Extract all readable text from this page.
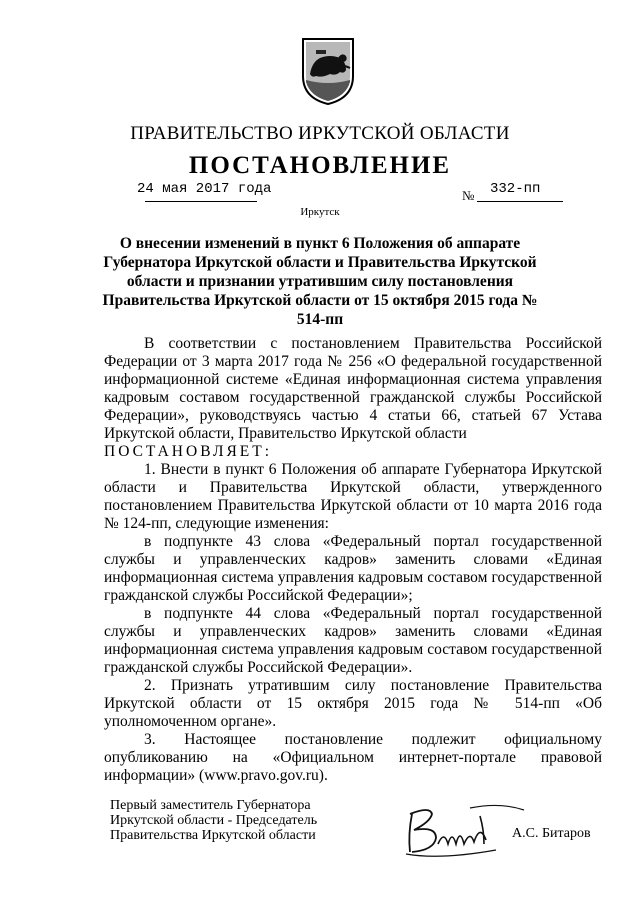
ПРАВИТЕЛЬСТВО ИРКУТСКОЙ ОБЛАСТИ
ПОСТАНОВЛЕНИЕ
24 мая 2017 года	№ 332-пп
Иркутск
О внесении изменений в пункт 6 Положения об аппарате Губернатора Иркутской области и Правительства Иркутской области и признании утратившим силу постановления Правительства Иркутской области от 15 октября 2015 года № 514-пп

В соответствии с постановлением Правительства Российской Федерации от 3 марта 2017 года № 256 «О федеральной государственной информационной системе «Единая информационная система управления кадровым составом государственной гражданской службы Российской Федерации», руководствуясь частью 4 статьи 66, статьей 67 Устава Иркутской области, Правительство Иркутской области

ПОСТАНОВЛЯЕТ:

1. Внести в пункт 6 Положения об аппарате Губернатора Иркутской области и Правительства Иркутской области, утвержденного постановлением Правительства Иркутской области от 10 марта 2016 года № 124-пп, следующие изменения:

в подпункте 43 слова «Федеральный портал государственной службы и управленческих кадров» заменить словами «Единая информационная система управления кадровым составом государственной гражданской службы Российской Федерации»;

в подпункте 44 слова «Федеральный портал государственной службы и управленческих кадров» заменить словами «Единая информационная система управления кадровым составом государственной гражданской службы Российской Федерации».

2. Признать утратившим силу постановление Правительства Иркутской области от 15 октября 2015 года № 514-пп «Об уполномоченном органе».

3. Настоящее постановление подлежит официальному опубликованию на «Официальном интернет-портале правовой информации» (www.pravo.gov.ru).

Первый заместитель Губернатора
Иркутской области - Председатель
Правительства Иркутской области	А.С. Битаров
